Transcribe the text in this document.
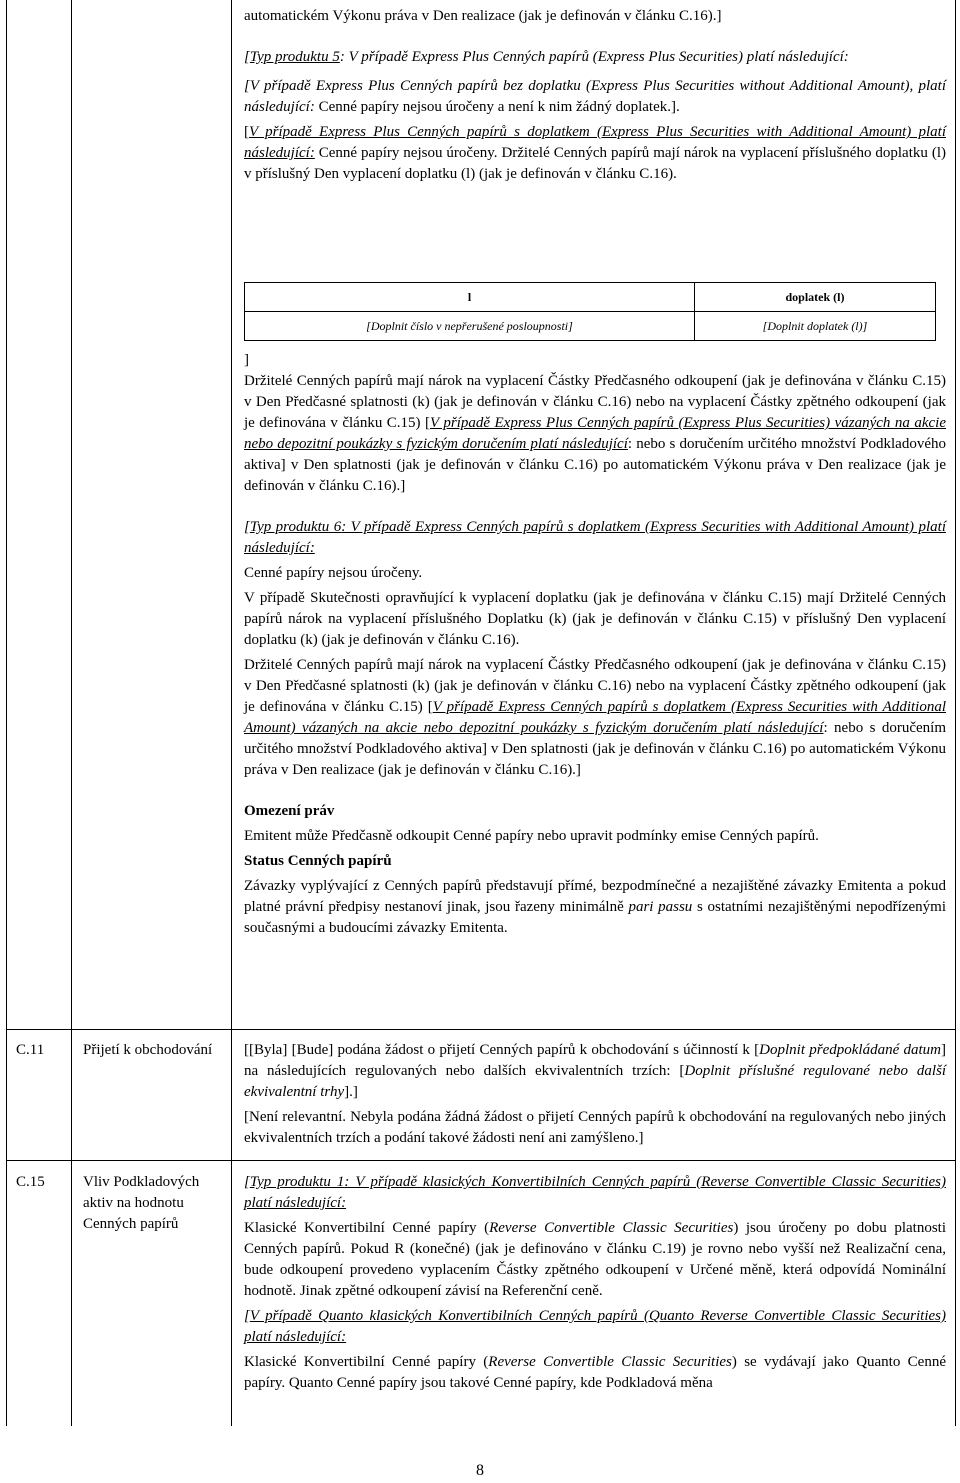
automatickém Výkonu práva v Den realizace (jak je definován v článku C.16).]

[Typ produktu 5: V případě Express Plus Cenných papírů (Express Plus Securities) platí následující:

[V případě Express Plus Cenných papírů bez doplatku (Express Plus Securities without Additional Amount), platí následující: Cenné papíry nejsou úročeny a není k nim žádný doplatek.].

[V případě Express Plus Cenných papírů s doplatkem (Express Plus Securities with Additional Amount) platí následující: Cenné papíry nejsou úročeny. Držitelé Cenných papírů mají nárok na vyplacení příslušného doplatku (l) v příslušný Den vyplacení doplatku (l) (jak je definován v článku C.16).

l	doplatek (l)
[Doplnit číslo v nepřerušené posloupnosti]	[Doplnit doplatek (l)]

]

Držitelé Cenných papírů mají nárok na vyplacení Částky Předčasného odkoupení (jak je definována v článku C.15) v Den Předčasné splatnosti (k) (jak je definován v článku C.16) nebo na vyplacení Částky zpětného odkoupení (jak je definována v článku C.15) [V případě Express Plus Cenných papírů (Express Plus Securities) vázaných na akcie nebo depozitní poukázky s fyzickým doručením platí následující: nebo s doručením určitého množství Podkladového aktiva] v Den splatnosti (jak je definován v článku C.16) po automatickém Výkonu práva v Den realizace (jak je definován v článku C.16).]

[Typ produktu 6: V případě Express Cenných papírů s doplatkem (Express Securities with Additional Amount) platí následující:

Cenné papíry nejsou úročeny.

V případě Skutečnosti opravňující k vyplacení doplatku (jak je definována v článku C.15) mají Držitelé Cenných papírů nárok na vyplacení příslušného Doplatku (k) (jak je definován v článku C.15) v příslušný Den vyplacení doplatku (k) (jak je definován v článku C.16).

Držitelé Cenných papírů mají nárok na vyplacení Částky Předčasného odkoupení (jak je definována v článku C.15) v Den Předčasné splatnosti (k) (jak je definován v článku C.16) nebo na vyplacení Částky zpětného odkoupení (jak je definována v článku C.15) [V případě Express Cenných papírů s doplatkem (Express Securities with Additional Amount) vázaných na akcie nebo depozitní poukázky s fyzickým doručením platí následující: nebo s doručením určitého množství Podkladového aktiva] v Den splatnosti (jak je definován v článku C.16) po automatickém Výkonu práva v Den realizace (jak je definován v článku C.16).]

Omezení práv

Emitent může Předčasně odkoupit Cenné papíry nebo upravit podmínky emise Cenných papírů.

Status Cenných papírů

Závazky vyplývající z Cenných papírů představují přímé, bezpodmínečné a nezajištěné závazky Emitenta a pokud platné právní předpisy nestanoví jinak, jsou řazeny minimálně pari passu s ostatními nezajištěnými nepodřízenými současnými a budoucími závazky Emitenta.

C.11	Přijetí k obchodování	[[Byla] [Bude] podána žádost o přijetí Cenných papírů k obchodování s účinností k [Doplnit předpokládané datum] na následujících regulovaných nebo dalších ekvivalentních trzích: [Doplnit příslušné regulované nebo další ekvivalentní trhy].]

[Není relevantní. Nebyla podána žádná žádost o přijetí Cenných papírů k obchodování na regulovaných nebo jiných ekvivalentních trzích a podání takové žádosti není ani zamýšleno.]

C.15	Vliv Podkladových aktiv na hodnotu Cenných papírů

[Typ produktu 1: V případě klasických Konvertibilních Cenných papírů (Reverse Convertible Classic Securities) platí následující:

Klasické Konvertibilní Cenné papíry (Reverse Convertible Classic Securities) jsou úročeny po dobu platnosti Cenných papírů. Pokud R (konečné) (jak je definováno v článku C.19) je rovno nebo vyšší než Realizační cena, bude odkoupení provedeno vyplacením Částky zpětného odkoupení v Určené měně, která odpovídá Nominální hodnotě. Jinak zpětné odkoupení závisí na Referenční ceně.

[V případě Quanto klasických Konvertibilních Cenných papírů (Quanto Reverse Convertible Classic Securities) platí následující:

Klasické Konvertibilní Cenné papíry (Reverse Convertible Classic Securities) se vydávají jako Quanto Cenné papíry. Quanto Cenné papíry jsou takové Cenné papíry, kde Podkladová měna

8
